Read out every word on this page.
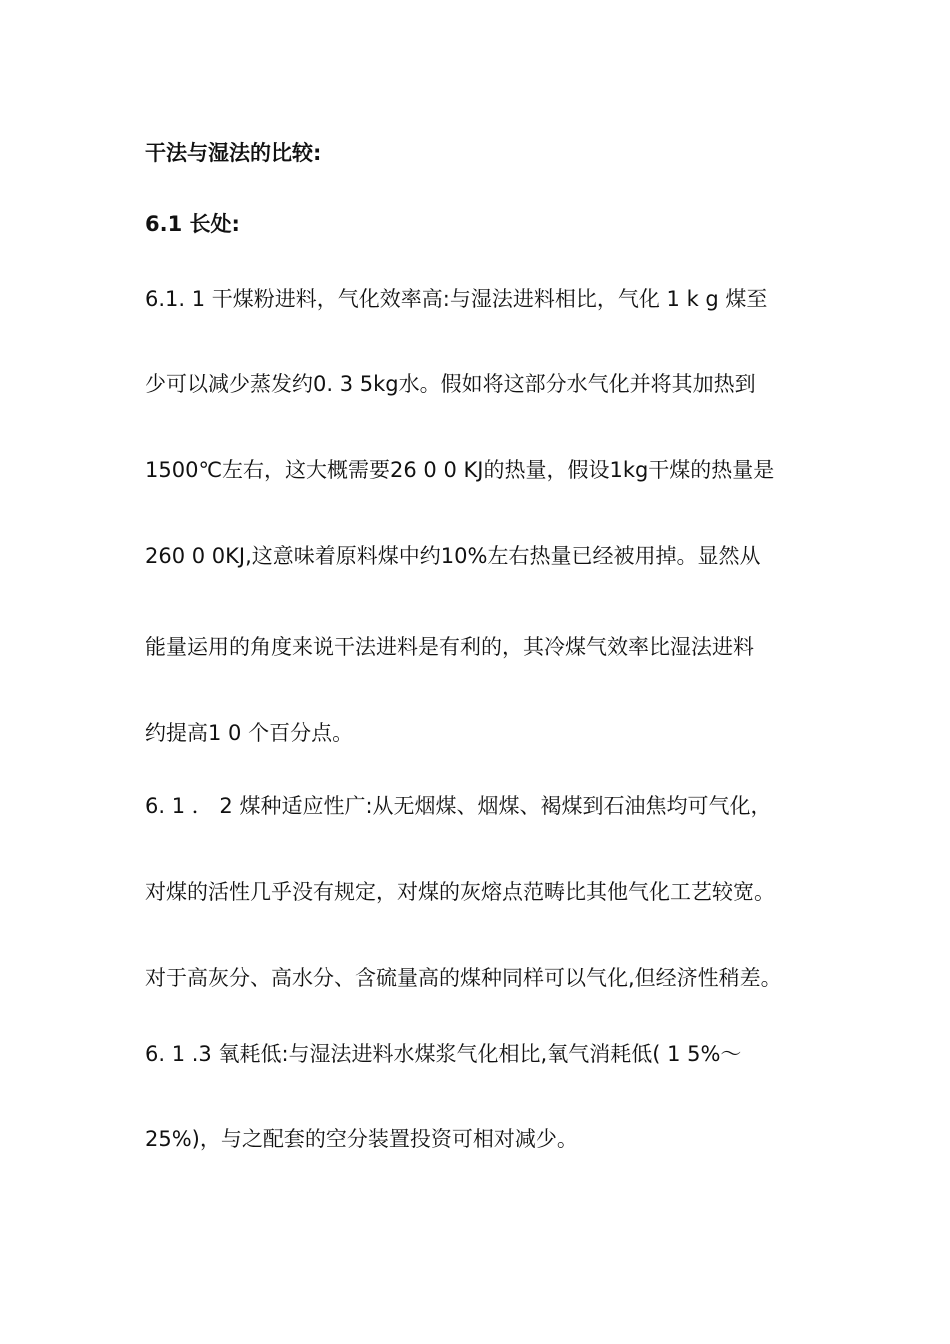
干法与湿法的比较:
6.1 长处:
6.1. 1 干煤粉进料，气化效率高:与湿法进料相比，气化 1 k g 煤至
少可以减少蒸发约0. 3 5kg水。假如将这部分水气化并将其加热到
1500℃左右，这大概需要26 0 0 KJ的热量，假设1kg干煤的热量是
260 0 0KJ,这意味着原料煤中约10%左右热量已经被用掉。显然从
能量运用的角度来说干法进料是有利的，其冷煤气效率比湿法进料
约提高1 0 个百分点。
6. 1 ． 2 煤种适应性广:从无烟煤、烟煤、褐煤到石油焦均可气化，
对煤的活性几乎没有规定，对煤的灰熔点范畴比其他气化工艺较宽。
对于高灰分、高水分、含硫量高的煤种同样可以气化,但经济性稍差。
6. 1 .3 氧耗低:与湿法进料水煤浆气化相比,氧气消耗低( 1 5%～
25%)，与之配套的空分装置投资可相对减少。
